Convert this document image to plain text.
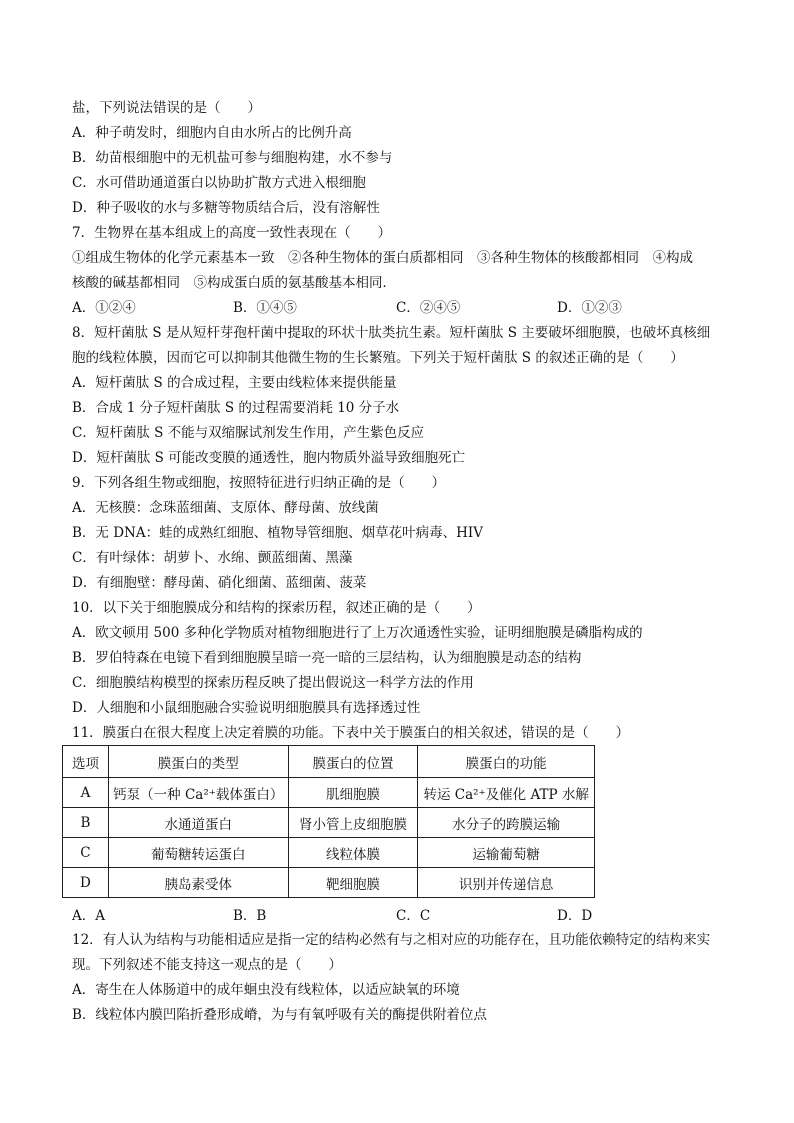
盐，下列说法错误的是（　　）
A．种子萌发时，细胞内自由水所占的比例升高
B．幼苗根细胞中的无机盐可参与细胞构建，水不参与
C．水可借助通道蛋白以协助扩散方式进入根细胞
D．种子吸收的水与多糖等物质结合后，没有溶解性
7．生物界在基本组成上的高度一致性表现在（　　）
①组成生物体的化学元素基本一致　②各种生物体的蛋白质都相同　③各种生物体的核酸都相同　④构成
核酸的碱基都相同　⑤构成蛋白质的氨基酸基本相同．
A．①②④	B．①④⑤	C．②④⑤	D．①②③
8．短杆菌肽 S 是从短杆芽孢杆菌中提取的环状十肽类抗生素。短杆菌肽 S 主要破坏细胞膜，也破坏真核细
胞的线粒体膜，因而它可以抑制其他微生物的生长繁殖。下列关于短杆菌肽 S 的叙述正确的是（　　）
A．短杆菌肽 S 的合成过程，主要由线粒体来提供能量
B．合成 1 分子短杆菌肽 S 的过程需要消耗 10 分子水
C．短杆菌肽 S 不能与双缩脲试剂发生作用，产生紫色反应
D．短杆菌肽 S 可能改变膜的通透性，胞内物质外溢导致细胞死亡
9．下列各组生物或细胞，按照特征进行归纳正确的是（　　）
A．无核膜：念珠蓝细菌、支原体、酵母菌、放线菌
B．无 DNA：蛙的成熟红细胞、植物导管细胞、烟草花叶病毒、HIV
C．有叶绿体：胡萝卜、水绵、颤蓝细菌、黑藻
D．有细胞壁：酵母菌、硝化细菌、蓝细菌、菠菜
10．以下关于细胞膜成分和结构的探索历程，叙述正确的是（　　）
A．欧文顿用 500 多种化学物质对植物细胞进行了上万次通透性实验，证明细胞膜是磷脂构成的
B．罗伯特森在电镜下看到细胞膜呈暗一亮一暗的三层结构，认为细胞膜是动态的结构
C．细胞膜结构模型的探索历程反映了提出假说这一科学方法的作用
D．人细胞和小鼠细胞融合实验说明细胞膜具有选择透过性
11．膜蛋白在很大程度上决定着膜的功能。下表中关于膜蛋白的相关叙述，错误的是（　　）
选项	膜蛋白的类型	膜蛋白的位置	膜蛋白的功能
A	钙泵（一种 Ca²⁺载体蛋白）	肌细胞膜	转运 Ca²⁺及催化 ATP 水解
B	水通道蛋白	肾小管上皮细胞膜	水分子的跨膜运输
C	葡萄糖转运蛋白	线粒体膜	运输葡萄糖
D	胰岛素受体	靶细胞膜	识别并传递信息
A．A	B．B	C．C	D．D
12．有人认为结构与功能相适应是指一定的结构必然有与之相对应的功能存在，且功能依赖特定的结构来实
现。下列叙述不能支持这一观点的是（　　）
A．寄生在人体肠道中的成年蛔虫没有线粒体，以适应缺氧的环境
B．线粒体内膜凹陷折叠形成嵴，为与有氧呼吸有关的酶提供附着位点
